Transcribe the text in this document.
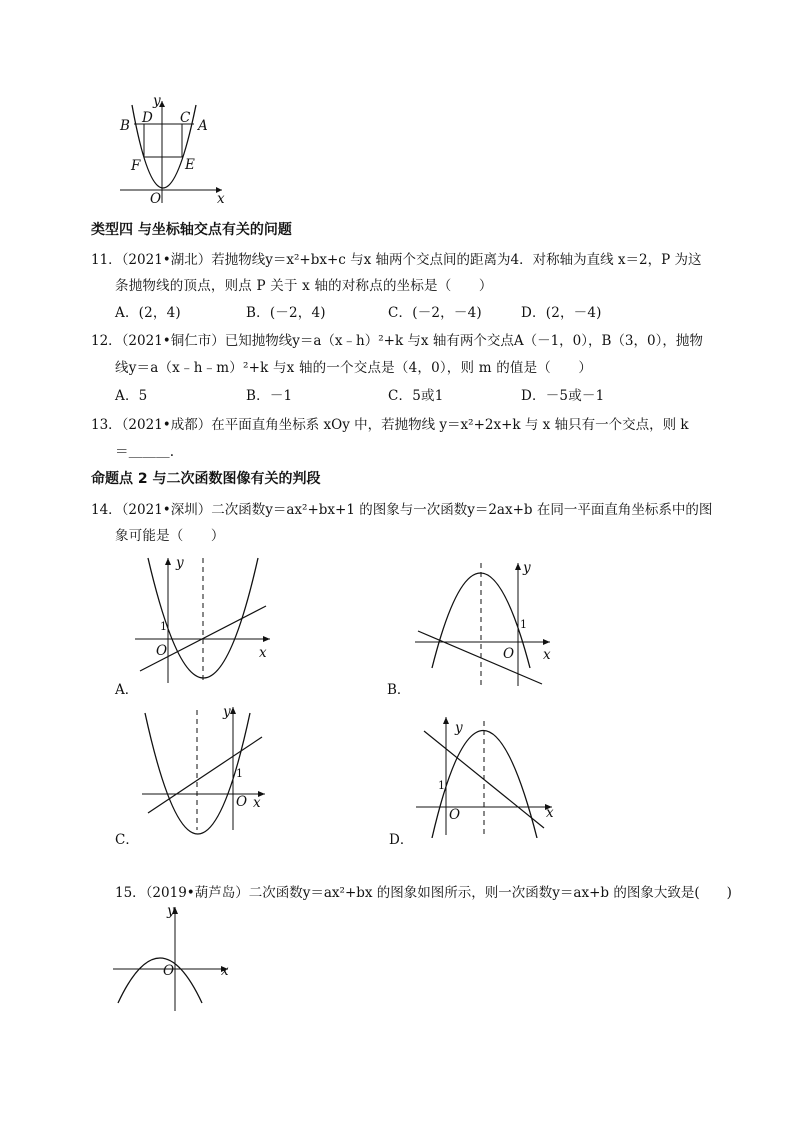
y
B D C A
F	E
O	x
类型四 与坐标轴交点有关的问题
11．（2021•湖北）若抛物线y＝x²+bx+c 与x 轴两个交点间的距离为4．对称轴为直线 x＝2，P 为这
条抛物线的顶点，则点 P 关于 x 轴的对称点的坐标是（　　）
A．(2，4)	B．(－2，4)	C．(－2，－4)	D．(2，－4)
12．（2021•铜仁市）已知抛物线y＝a（x﹣h）²+k 与x 轴有两个交点A（－1，0），B（3，0），抛物
线y＝a（x﹣h﹣m）²+k 与x 轴的一个交点是（4，0），则 m 的值是（　　）
A．5	B．－1	C．5或1	D．－5或－1
13．（2021•成都）在平面直角坐标系 xOy 中，若抛物线 y＝x²+2x+k 与 x 轴只有一个交点，则 k
＝＿＿＿.
命题点 2 与二次函数图像有关的判段
14．（2021•深圳）二次函数y＝ax²+bx+1 的图象与一次函数y＝2ax+b 在同一平面直角坐标系中的图
象可能是（　　）
y
1
O	x
A．
y
1
O x
B．
y
1
O x
C．
y
1
O	x
D．
15．（2019•葫芦岛）二次函数y＝ax²+bx 的图象如图所示，则一次函数y＝ax+b 的图象大致是(　　)
y
O	x
